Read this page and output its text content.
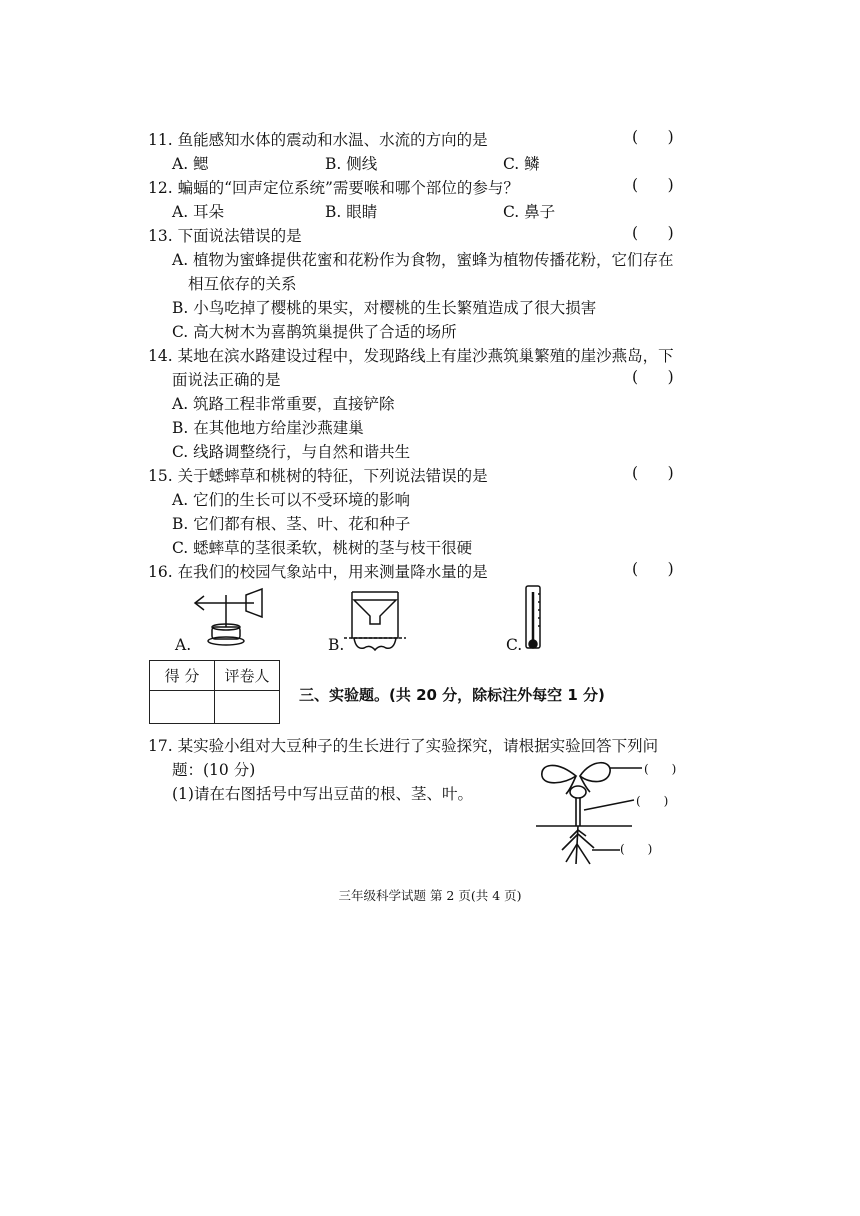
11. 鱼能感知水体的震动和水温、水流的方向的是	(      )
A. 鳃	B. 侧线	C. 鳞
12. 蝙蝠的“回声定位系统”需要喉和哪个部位的参与？	(      )
A. 耳朵	B. 眼睛	C. 鼻子
13. 下面说法错误的是	(      )
A. 植物为蜜蜂提供花蜜和花粉作为食物，蜜蜂为植物传播花粉，它们存在
相互依存的关系
B. 小鸟吃掉了樱桃的果实，对樱桃的生长繁殖造成了很大损害
C. 高大树木为喜鹊筑巢提供了合适的场所
14. 某地在滨水路建设过程中，发现路线上有崖沙燕筑巢繁殖的崖沙燕岛，下
面说法正确的是	(      )
A. 筑路工程非常重要，直接铲除
B. 在其他地方给崖沙燕建巢
C. 线路调整绕行，与自然和谐共生
15. 关于蟋蟀草和桃树的特征，下列说法错误的是	(      )
A. 它们的生长可以不受环境的影响
B. 它们都有根、茎、叶、花和种子
C. 蟋蟀草的茎很柔软，桃树的茎与枝干很硬
16. 在我们的校园气象站中，用来测量降水量的是	(      )
A.	B.	C.
得 分	评卷人

三、实验题。(共 20 分，除标注外每空 1 分)
17. 某实验小组对大豆种子的生长进行了实验探究，请根据实验回答下列问
题：(10 分)
(1)请在右图括号中写出豆苗的根、茎、叶。
(      )
(      )
(      )
三年级科学试题 第 2 页(共 4 页)
